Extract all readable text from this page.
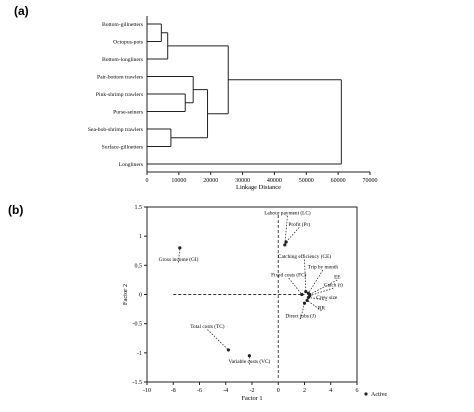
(a)
(b)
0	10000	20000	30000	40000	50000	60000	70000
Linkage Distance
Bottom-gillnetters
Octopus-pots
Bottom-longliners
Pair-bottom trawlers
Pink-shrimp trawlers
Purse-seiners
Sea-bob-shrimp trawlers
Surface-gillnetters
Longliners
-10	-8	-6	-4	-2	0	2	4	6
-1.5
-1
-0.5
0
0.5
1
1.5
Factor 1
Factor 2
Labour payment (LC)
Profit (Pr)
Catching efficiency (CE)
Trip by month
EE
Catch (t)
Crew size
RR
Direct jobs (J)
Fixed costs (FC)
Gross income (GI)
Total costs (TC)
Variable costs (VC)
Active
